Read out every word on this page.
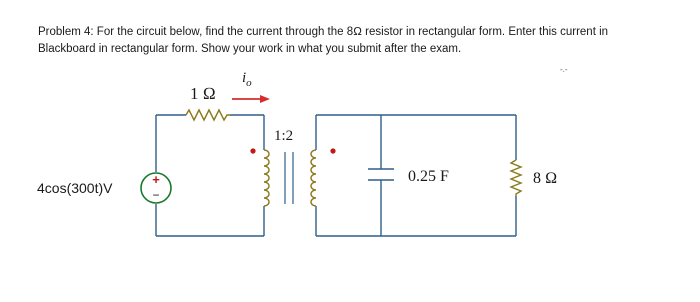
Problem 4: For the circuit below, find the current through the 8Ω resistor in rectangular form. Enter this current in
Blackboard in rectangular form. Show your work in what you submit after the exam.
+
−
4cos(300t)V
1 Ω
$i_o$
1:2
0.25 F	8 Ω
-.-
